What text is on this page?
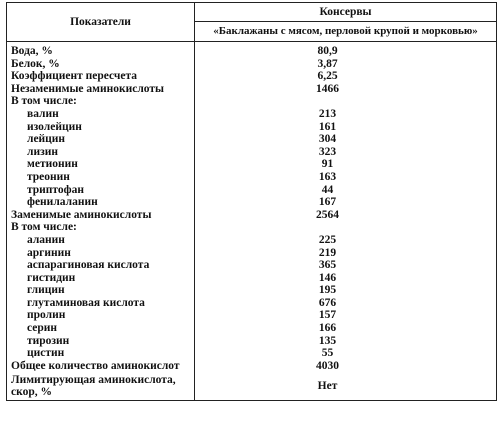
Показатели	Консервы
	«Баклажаны с мясом, перловой крупой и морковью»
Вода, %	80,9
Белок, %	3,87
Коэффициент пересчета	6,25
Незаменимые аминокислоты	1466
В том числе:	
валин	213
изолейцин	161
лейцин	304
лизин	323
метионин	91
треонин	163
триптофан	44
фенилаланин	167
Заменимые аминокислоты	2564
В том числе:	
аланин	225
аргинин	219
аспарагиновая кислота	365
гистидин	146
глицин	195
глутаминовая кислота	676
пролин	157
серин	166
тирозин	135
цистин	55
Общее количество аминокислот	4030
Лимитирующая аминокислота, скор, %	Нет
